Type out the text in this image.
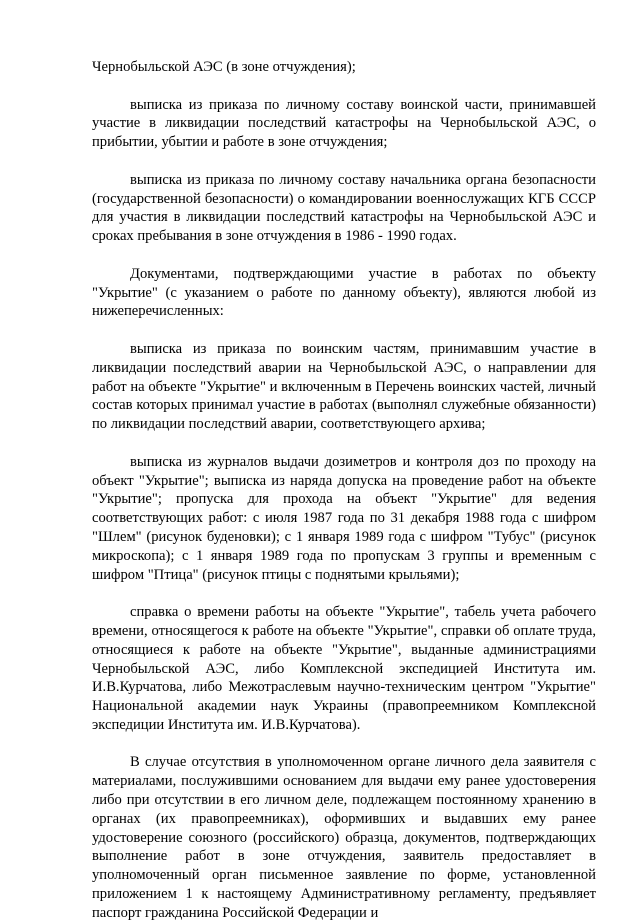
Чернобыльской АЭС (в зоне отчуждения);

выписка из приказа по личному составу воинской части, принимавшей участие в ликвидации последствий катастрофы на Чернобыльской АЭС, о прибытии, убытии и работе в зоне отчуждения;

выписка из приказа по личному составу начальника органа безопасности (государственной безопасности) о командировании военнослужащих КГБ СССР для участия в ликвидации последствий катастрофы на Чернобыльской АЭС и сроках пребывания в зоне отчуждения в 1986 - 1990 годах.

Документами, подтверждающими участие в работах по объекту "Укрытие" (с указанием о работе по данному объекту), являются любой из нижеперечисленных:

выписка из приказа по воинским частям, принимавшим участие в ликвидации последствий аварии на Чернобыльской АЭС, о направлении для работ на объекте "Укрытие" и включенным в Перечень воинских частей, личный состав которых принимал участие в работах (выполнял служебные обязанности) по ликвидации последствий аварии, соответствующего архива;

выписка из журналов выдачи дозиметров и контроля доз по проходу на объект "Укрытие"; выписка из наряда допуска на проведение работ на объекте "Укрытие"; пропуска для прохода на объект "Укрытие" для ведения соответствующих работ: с июля 1987 года по 31 декабря 1988 года с шифром "Шлем" (рисунок буденовки); с 1 января 1989 года с шифром "Тубус" (рисунок микроскопа); с 1 января 1989 года по пропускам 3 группы и временным с шифром "Птица" (рисунок птицы с поднятыми крыльями);

справка о времени работы на объекте "Укрытие", табель учета рабочего времени, относящегося к работе на объекте "Укрытие", справки об оплате труда, относящиеся к работе на объекте "Укрытие", выданные администрациями Чернобыльской АЭС, либо Комплексной экспедицией Института им. И.В.Курчатова, либо Межотраслевым научно-техническим центром "Укрытие" Национальной академии наук Украины (правопреемником Комплексной экспедиции Института им. И.В.Курчатова).

В случае отсутствия в уполномоченном органе личного дела заявителя с материалами, послужившими основанием для выдачи ему ранее удостоверения либо при отсутствии в его личном деле, подлежащем постоянному хранению в органах (их правопреемниках), оформивших и выдавших ему ранее удостоверение союзного (российского) образца, документов, подтверждающих выполнение работ в зоне отчуждения, заявитель предоставляет в уполномоченный орган письменное заявление по форме, установленной приложением 1 к настоящему Административному регламенту, предъявляет паспорт гражданина Российской Федерации и
